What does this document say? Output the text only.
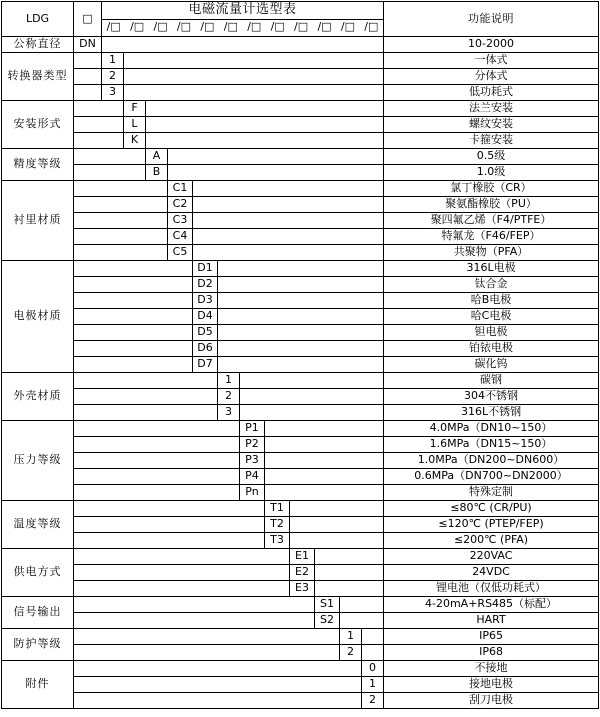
LDG	□	
电磁流量计选型表
/□ /□ /□ /□ /□ /□ /□ /□ /□ /□ /□ /□
	功能说明
公称直径	DN													10-2000
转换器类型		1												一体式
		2												分体式
		3												低功耗式
安装形式			F											法兰安装
			L											螺纹安装
			K											卡箍安装
精度等级				A										0.5级
				B										1.0级
衬里材质					C1									氯丁橡胶（CR）
					C2									聚氨酯橡胶（PU）
					C3									聚四氟乙烯（F4/PTFE）
					C4									特氟龙（F46/FEP）
					C5									共聚物（PFA）
电极材质						D1								316L电极
						D2								钛合金
						D3								哈B电极
						D4								哈C电极
						D5								钽电极
						D6								铂铱电极
						D7								碳化钨
外壳材质							1							碳钢
							2							304不锈钢
							3							316L不锈钢
压力等级								P1						4.0MPa（DN10~150）
								P2						1.6MPa（DN15~150）
								P3						1.0MPa（DN200~DN600）
								P4						0.6MPa（DN700~DN2000）
								Pn						特殊定制
温度等级									T1					≤80℃ (CR/PU)
									T2					≤120℃ (PTEP/FEP)
									T3					≤200℃ (PFA)
供电方式										E1				220VAC
										E2				24VDC
										E3				锂电池（仅低功耗式）
信号输出											S1			4-20mA+RS485（标配）
											S2			HART
防护等级												1		IP65
												2		IP68
附件													0	不接地
													1	接地电极
													2	刮刀电极
